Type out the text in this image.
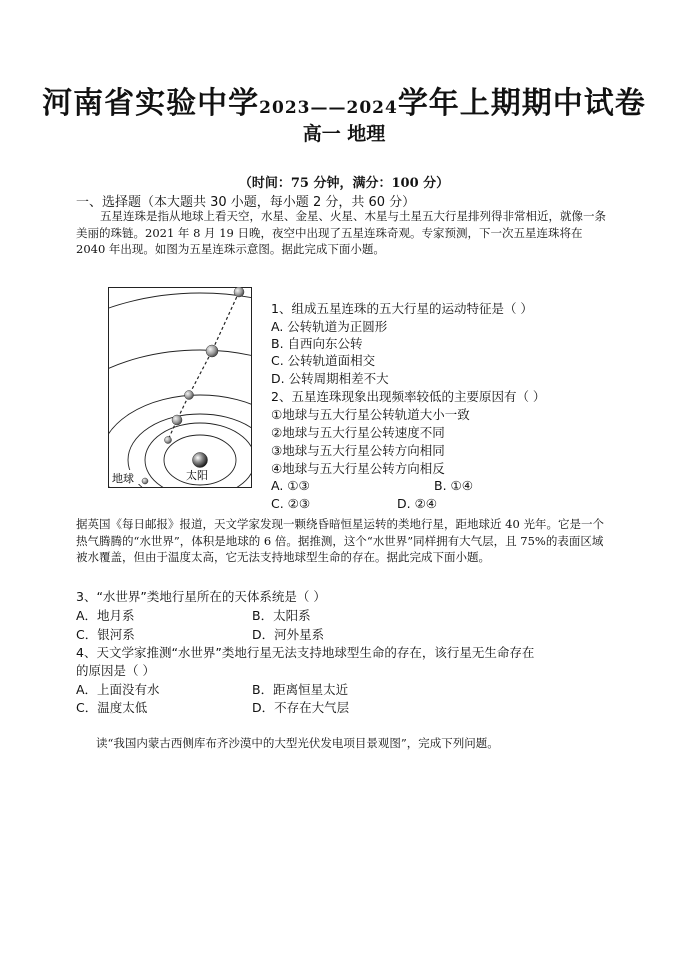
河南省实验中学2023——2024学年上期期中试卷
高一 地理
（时间：75 分钟，满分：100 分）
一、选择题（本大题共 30 小题，每小题 2 分，共 60 分）
五星连珠是指从地球上看天空，水星、金星、火星、木星与土星五大行星排列得非常相近，就像一条美丽的珠链。2021 年 8 月 19 日晚，夜空中出现了五星连珠奇观。专家预测，下一次五星连珠将在 2040 年出现。如图为五星连珠示意图。据此完成下面小题。
太阳
地球
1、组成五星连珠的五大行星的运动特征是（ ）
A. 公转轨道为正圆形
B. 自西向东公转
C. 公转轨道面相交
D. 公转周期相差不大
2、五星连珠现象出现频率较低的主要原因有（ ）
①地球与五大行星公转轨道大小一致
②地球与五大行星公转速度不同
③地球与五大行星公转方向相同
④地球与五大行星公转方向相反
A. ①③	B. ①④
C. ②③	D. ②④
据英国《每日邮报》报道，天文学家发现一颗绕昏暗恒星运转的类地行星，距地球近 40 光年。它是一个热气腾腾的“水世界”，体积是地球的 6 倍。据推测，这个“水世界”同样拥有大气层，且 75%的表面区域被水覆盖，但由于温度太高，它无法支持地球型生命的存在。据此完成下面小题。
3、“水世界”类地行星所在的天体系统是（ ）
A．地月系	B．太阳系
C．银河系	D．河外星系
4、天文学家推测“水世界”类地行星无法支持地球型生命的存在，该行星无生命存在
的原因是（ ）
A．上面没有水	B．距离恒星太近
C．温度太低	D．不存在大气层
读“我国内蒙古西侧库布齐沙漠中的大型光伏发电项目景观图”，完成下列问题。
